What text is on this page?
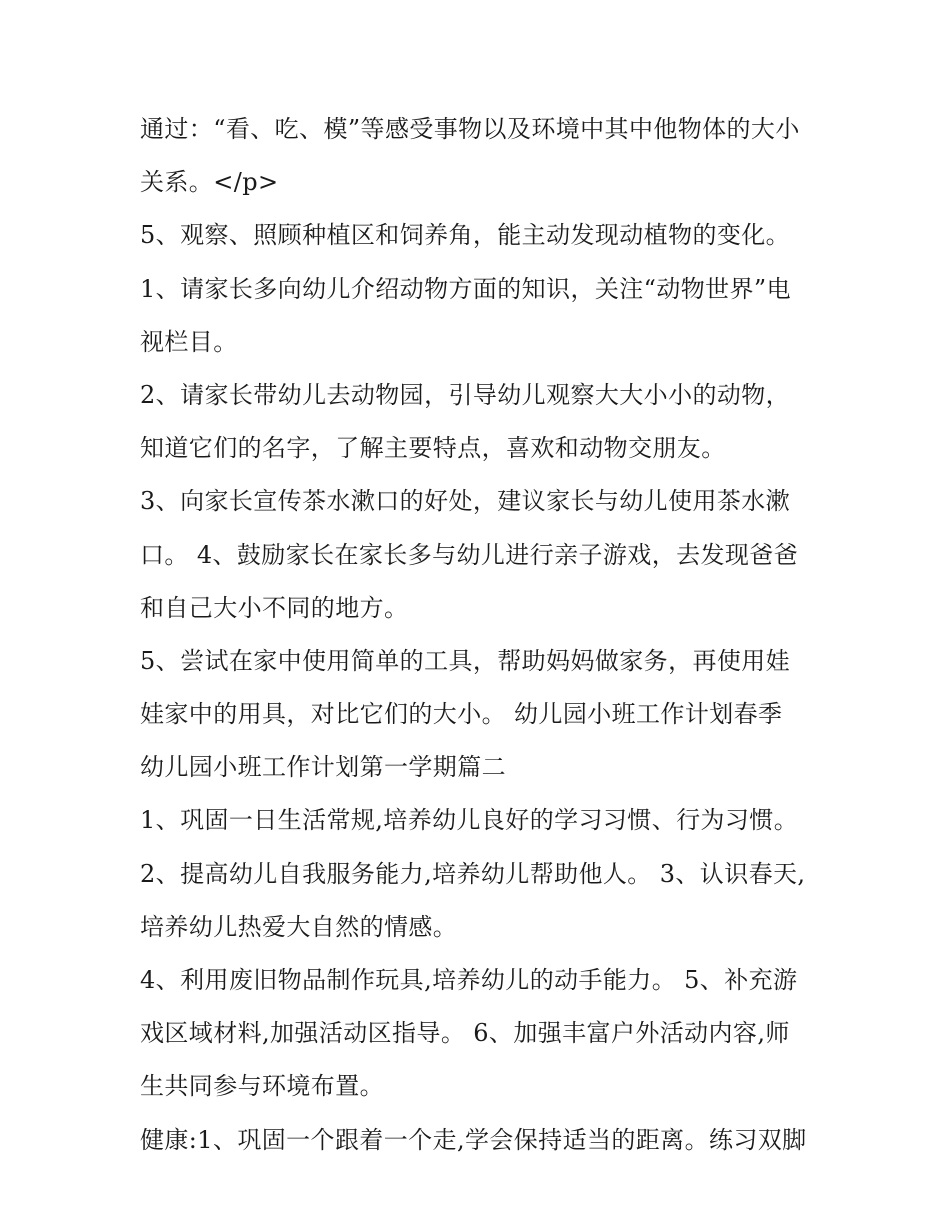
通过：“看、吃、模”等感受事物以及环境中其中他物体的大小
关系。</p>
5、观察、照顾种植区和饲养角，能主动发现动植物的变化。
1、请家长多向幼儿介绍动物方面的知识，关注“动物世界”电
视栏目。
2、请家长带幼儿去动物园，引导幼儿观察大大小小的动物，
知道它们的名字，了解主要特点，喜欢和动物交朋友。
3、向家长宣传茶水漱口的好处，建议家长与幼儿使用茶水漱
口。 4、鼓励家长在家长多与幼儿进行亲子游戏，去发现爸爸
和自己大小不同的地方。
5、尝试在家中使用简单的工具，帮助妈妈做家务，再使用娃
娃家中的用具，对比它们的大小。 幼儿园小班工作计划春季
幼儿园小班工作计划第一学期篇二
1、巩固一日生活常规,培养幼儿良好的学习习惯、行为习惯。
2、提高幼儿自我服务能力,培养幼儿帮助他人。 3、认识春天,
培养幼儿热爱大自然的情感。
4、利用废旧物品制作玩具,培养幼儿的动手能力。 5、补充游
戏区域材料,加强活动区指导。 6、加强丰富户外活动内容,师
生共同参与环境布置。
健康:1、巩固一个跟着一个走,学会保持适当的距离。练习双脚
